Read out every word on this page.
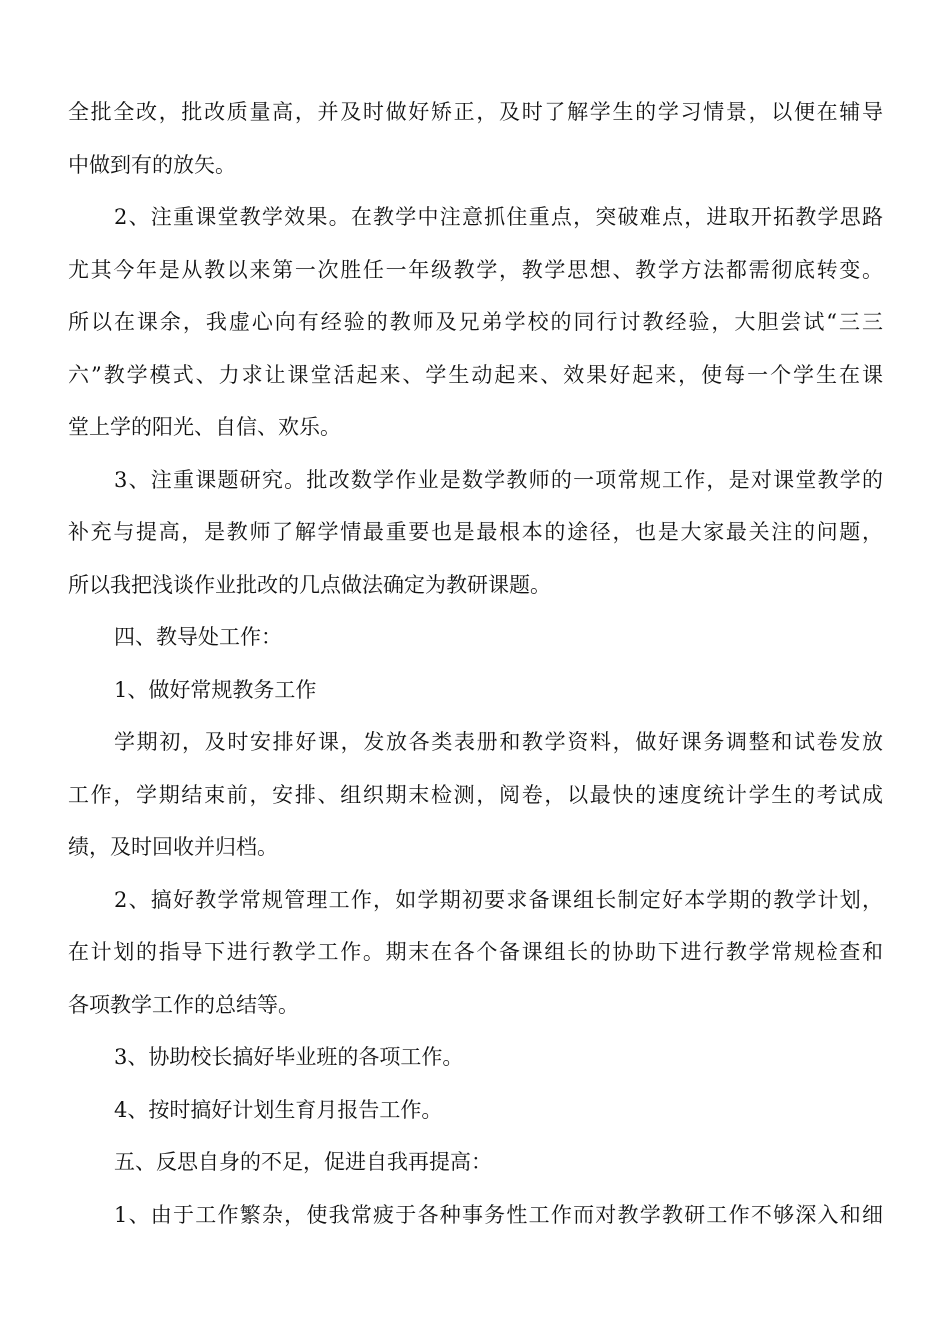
全批全改，批改质量高，并及时做好矫正，及时了解学生的学习情景，以便在辅导
中做到有的放矢。
2、注重课堂教学效果。在教学中注意抓住重点，突破难点，进取开拓教学思路
尤其今年是从教以来第一次胜任一年级教学，教学思想、教学方法都需彻底转变。
所以在课余，我虚心向有经验的教师及兄弟学校的同行讨教经验，大胆尝试“三三
六”教学模式、力求让课堂活起来、学生动起来、效果好起来，使每一个学生在课
堂上学的阳光、自信、欢乐。
3、注重课题研究。批改数学作业是数学教师的一项常规工作，是对课堂教学的
补充与提高，是教师了解学情最重要也是最根本的途径，也是大家最关注的问题，
所以我把浅谈作业批改的几点做法确定为教研课题。
四、教导处工作：
1、做好常规教务工作
学期初，及时安排好课，发放各类表册和教学资料，做好课务调整和试卷发放
工作，学期结束前，安排、组织期末检测，阅卷，以最快的速度统计学生的考试成
绩，及时回收并归档。
2、搞好教学常规管理工作，如学期初要求备课组长制定好本学期的教学计划，
在计划的指导下进行教学工作。期末在各个备课组长的协助下进行教学常规检查和
各项教学工作的总结等。
3、协助校长搞好毕业班的各项工作。
4、按时搞好计划生育月报告工作。
五、反思自身的不足，促进自我再提高：
1、由于工作繁杂，使我常疲于各种事务性工作而对教学教研工作不够深入和细
